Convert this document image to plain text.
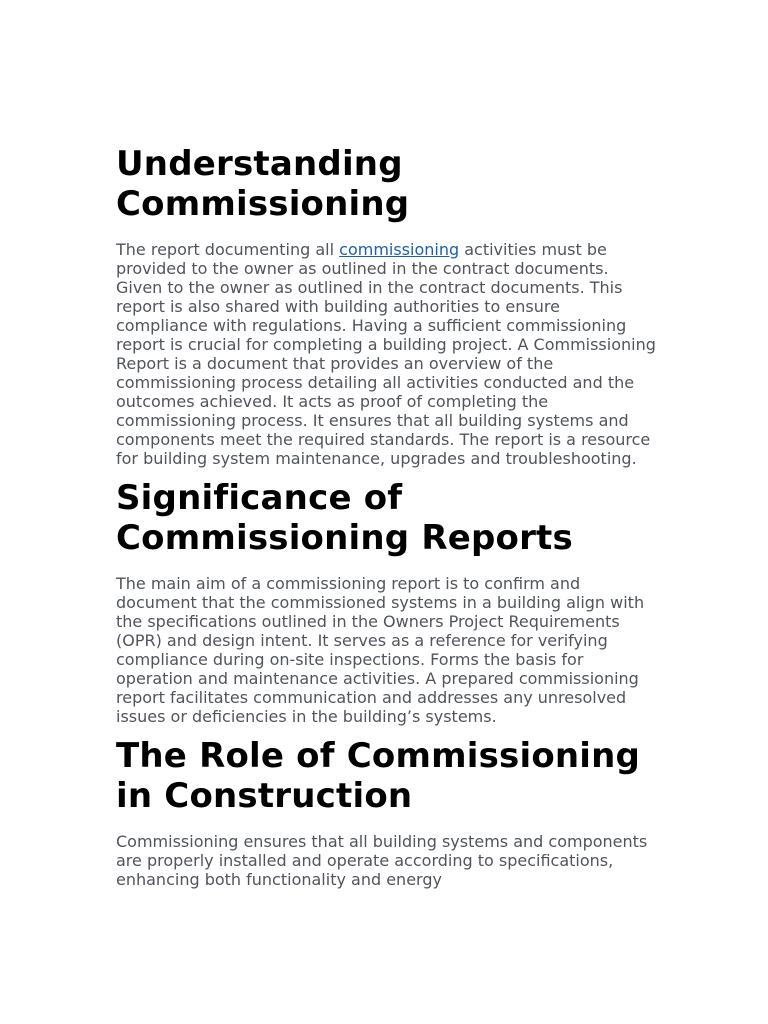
Understanding Commissioning

The report documenting all commissioning activities must be provided to the owner as outlined in the contract documents. Given to the owner as outlined in the contract documents. This report is also shared with building authorities to ensure compliance with regulations. Having a sufficient commissioning report is crucial for completing a building project. A Commissioning Report is a document that provides an overview of the commissioning process detailing all activities conducted and the outcomes achieved. It acts as proof of completing the commissioning process. It ensures that all building systems and components meet the required standards. The report is a resource for building system maintenance, upgrades and troubleshooting.

Significance of Commissioning Reports

The main aim of a commissioning report is to confirm and document that the commissioned systems in a building align with the specifications outlined in the Owners Project Requirements (OPR) and design intent. It serves as a reference for verifying compliance during on-site inspections. Forms the basis for operation and maintenance activities. A prepared commissioning report facilitates communication and addresses any unresolved issues or deficiencies in the building’s systems.

The Role of Commissioning in Construction

Commissioning ensures that all building systems and components are properly installed and operate according to specifications, enhancing both functionality and energy
